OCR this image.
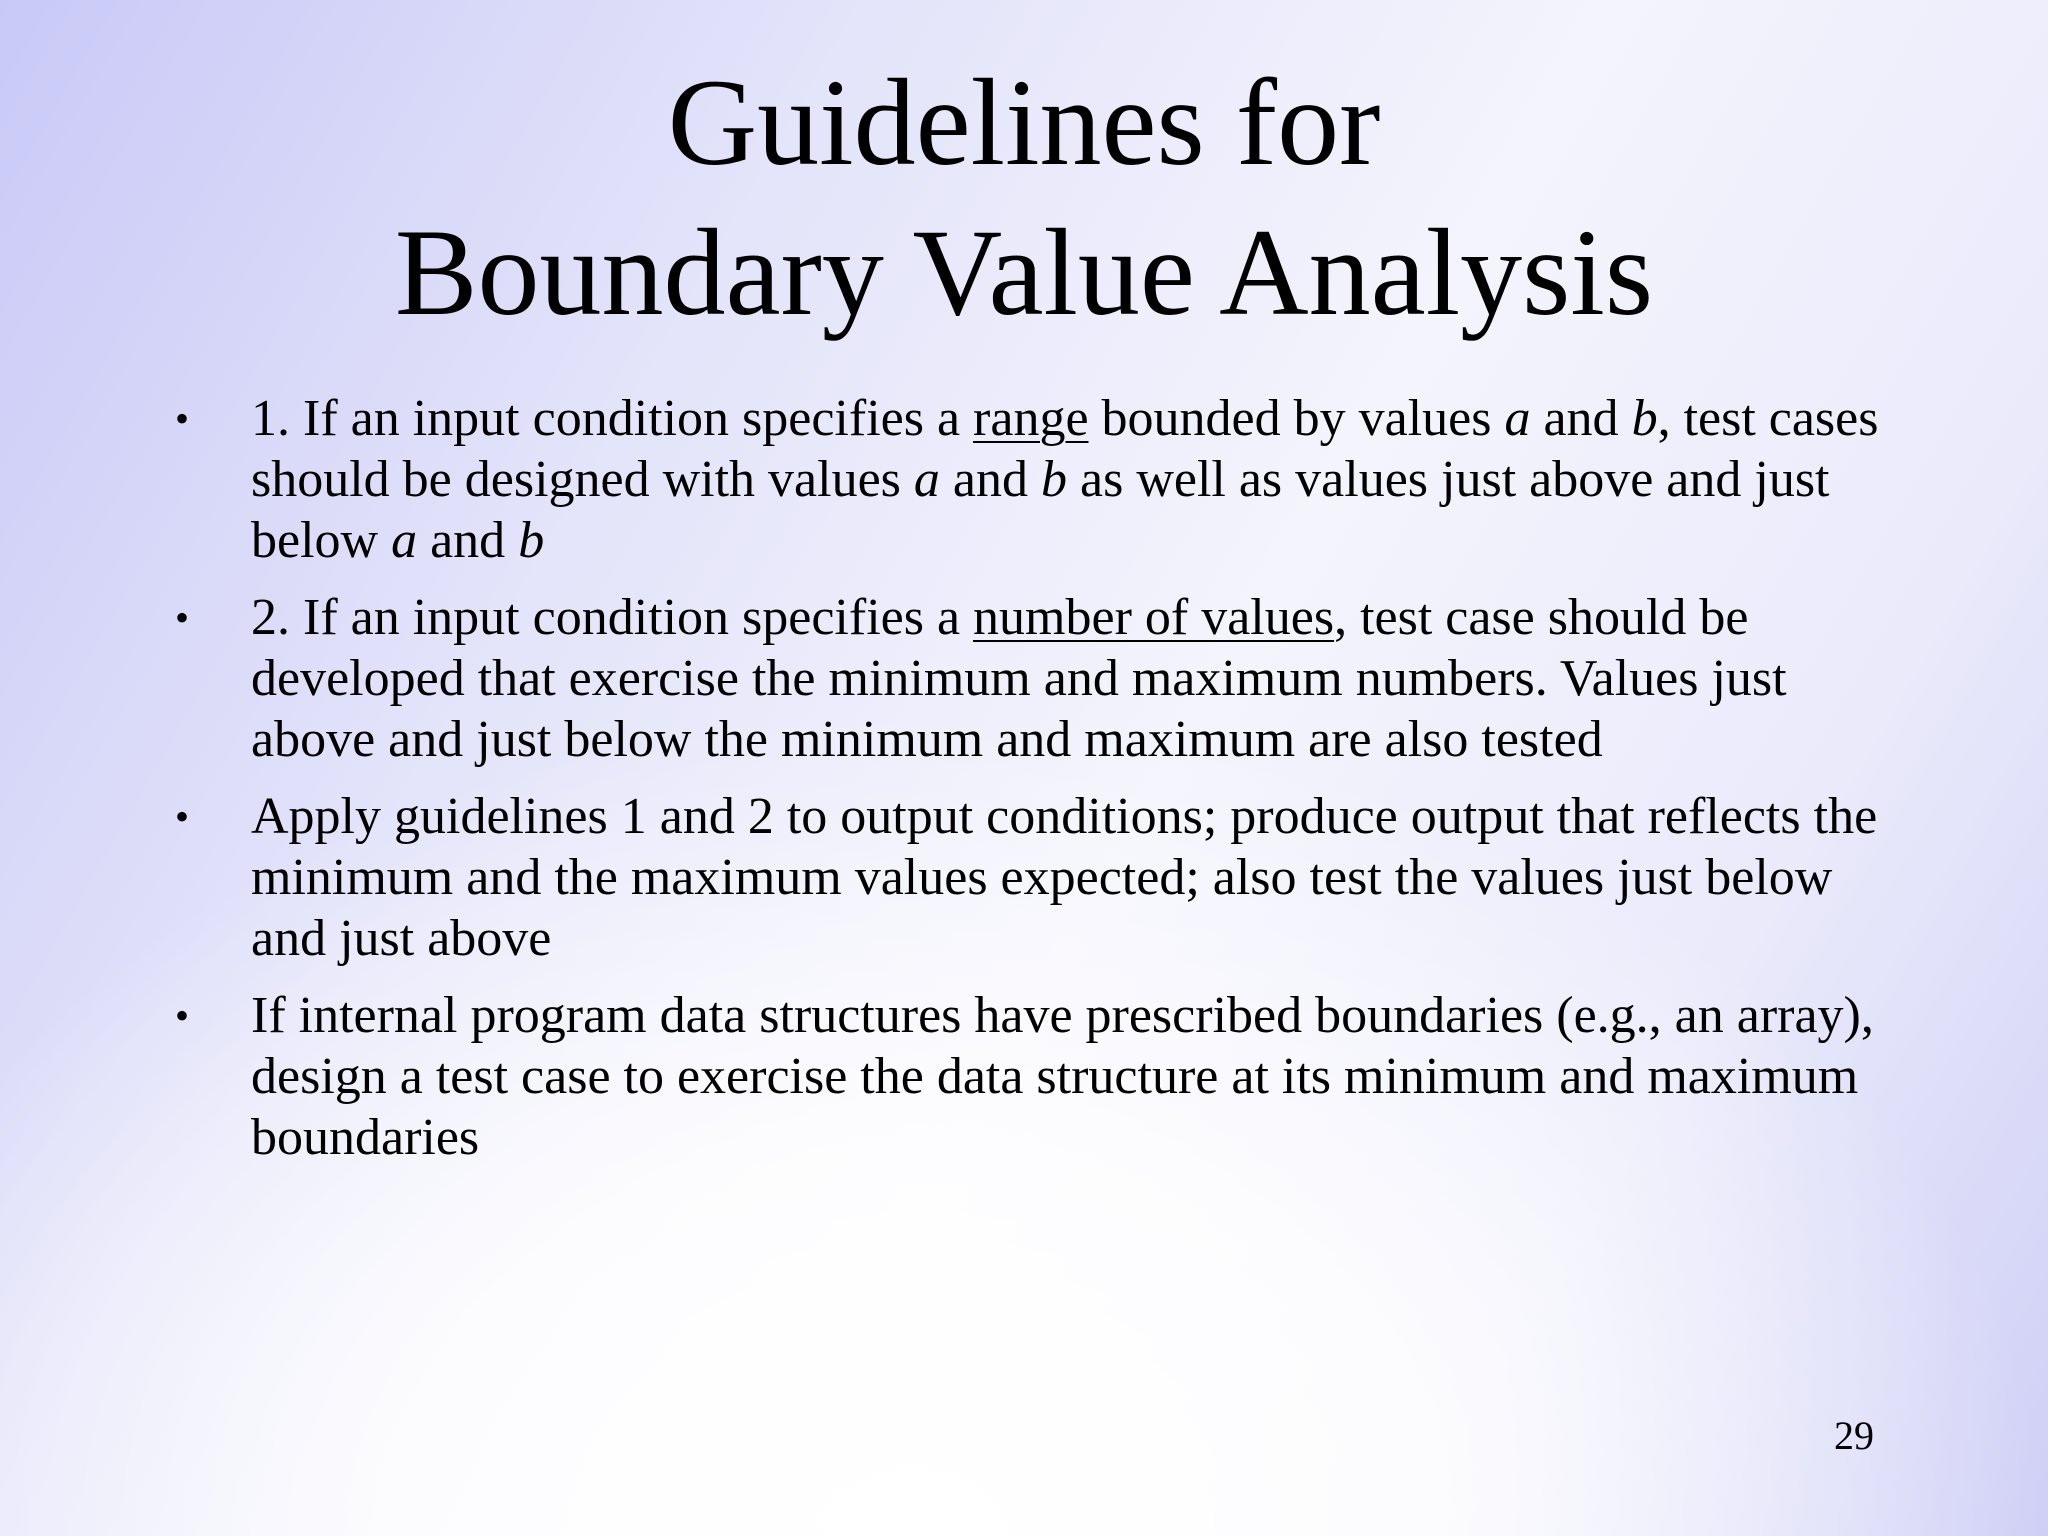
Guidelines for
Boundary Value Analysis
• 1. If an input condition specifies a range bounded by values a and b, test cases should be designed with values a and b as well as values just above and just below a and b
• 2. If an input condition specifies a number of values, test case should be developed that exercise the minimum and maximum numbers. Values just above and just below the minimum and maximum are also tested
• Apply guidelines 1 and 2 to output conditions; produce output that reflects the minimum and the maximum values expected; also test the values just below and just above
• If internal program data structures have prescribed boundaries (e.g., an array), design a test case to exercise the data structure at its minimum and maximum boundaries
29
